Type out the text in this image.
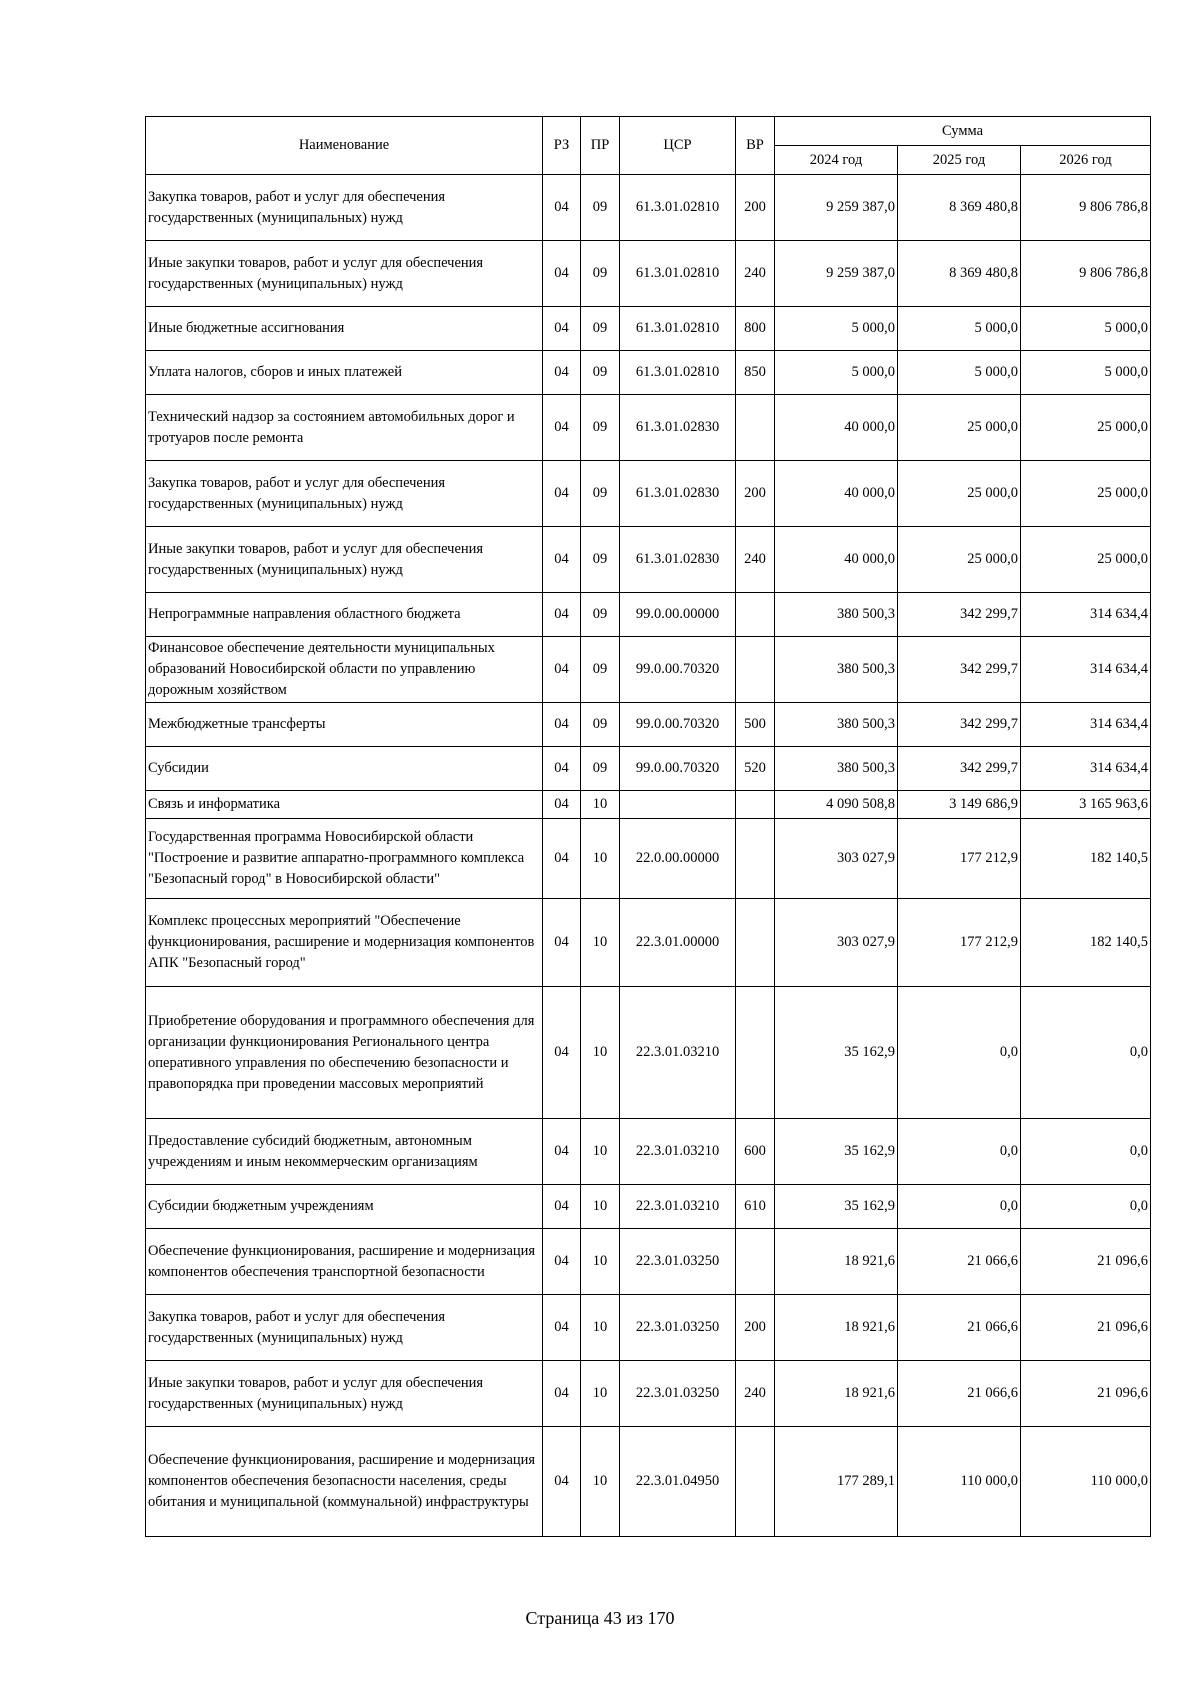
Наименование	РЗ	ПР	ЦСР	ВР	Сумма		
					2024 год	2025 год	2026 год
Закупка товаров, работ и услуг для обеспечения государственных (муниципальных) нужд	04	09	61.3.01.02810	200	9 259 387,0	8 369 480,8	9 806 786,8
Иные закупки товаров, работ и услуг для обеспечения государственных (муниципальных) нужд	04	09	61.3.01.02810	240	9 259 387,0	8 369 480,8	9 806 786,8
Иные бюджетные ассигнования	04	09	61.3.01.02810	800	5 000,0	5 000,0	5 000,0
Уплата налогов, сборов и иных платежей	04	09	61.3.01.02810	850	5 000,0	5 000,0	5 000,0
Технический надзор за состоянием автомобильных дорог и тротуаров после ремонта	04	09	61.3.01.02830		40 000,0	25 000,0	25 000,0
Закупка товаров, работ и услуг для обеспечения государственных (муниципальных) нужд	04	09	61.3.01.02830	200	40 000,0	25 000,0	25 000,0
Иные закупки товаров, работ и услуг для обеспечения государственных (муниципальных) нужд	04	09	61.3.01.02830	240	40 000,0	25 000,0	25 000,0
Непрограммные направления областного бюджета	04	09	99.0.00.00000		380 500,3	342 299,7	314 634,4
Финансовое обеспечение деятельности муниципальных образований Новосибирской области по управлению дорожным хозяйством	04	09	99.0.00.70320		380 500,3	342 299,7	314 634,4
Межбюджетные трансферты	04	09	99.0.00.70320	500	380 500,3	342 299,7	314 634,4
Субсидии	04	09	99.0.00.70320	520	380 500,3	342 299,7	314 634,4
Связь и информатика	04	10			4 090 508,8	3 149 686,9	3 165 963,6
Государственная программа Новосибирской области "Построение и развитие аппаратно-программного комплекса "Безопасный город" в Новосибирской области"	04	10	22.0.00.00000		303 027,9	177 212,9	182 140,5
Комплекс процессных мероприятий "Обеспечение функционирования, расширение и модернизация компонентов АПК "Безопасный город"	04	10	22.3.01.00000		303 027,9	177 212,9	182 140,5
Приобретение оборудования и программного обеспечения для организации функционирования Регионального центра оперативного управления по обеспечению безопасности и правопорядка при проведении массовых мероприятий	04	10	22.3.01.03210		35 162,9	0,0	0,0
Предоставление субсидий бюджетным, автономным учреждениям и иным некоммерческим организациям	04	10	22.3.01.03210	600	35 162,9	0,0	0,0
Субсидии бюджетным учреждениям	04	10	22.3.01.03210	610	35 162,9	0,0	0,0
Обеспечение функционирования, расширение и модернизация компонентов обеспечения транспортной безопасности	04	10	22.3.01.03250		18 921,6	21 066,6	21 096,6
Закупка товаров, работ и услуг для обеспечения государственных (муниципальных) нужд	04	10	22.3.01.03250	200	18 921,6	21 066,6	21 096,6
Иные закупки товаров, работ и услуг для обеспечения государственных (муниципальных) нужд	04	10	22.3.01.03250	240	18 921,6	21 066,6	21 096,6
Обеспечение функционирования, расширение и модернизация компонентов обеспечения безопасности населения, среды обитания и муниципальной (коммунальной) инфраструктуры	04	10	22.3.01.04950		177 289,1	110 000,0	110 000,0
Страница 43 из 170
